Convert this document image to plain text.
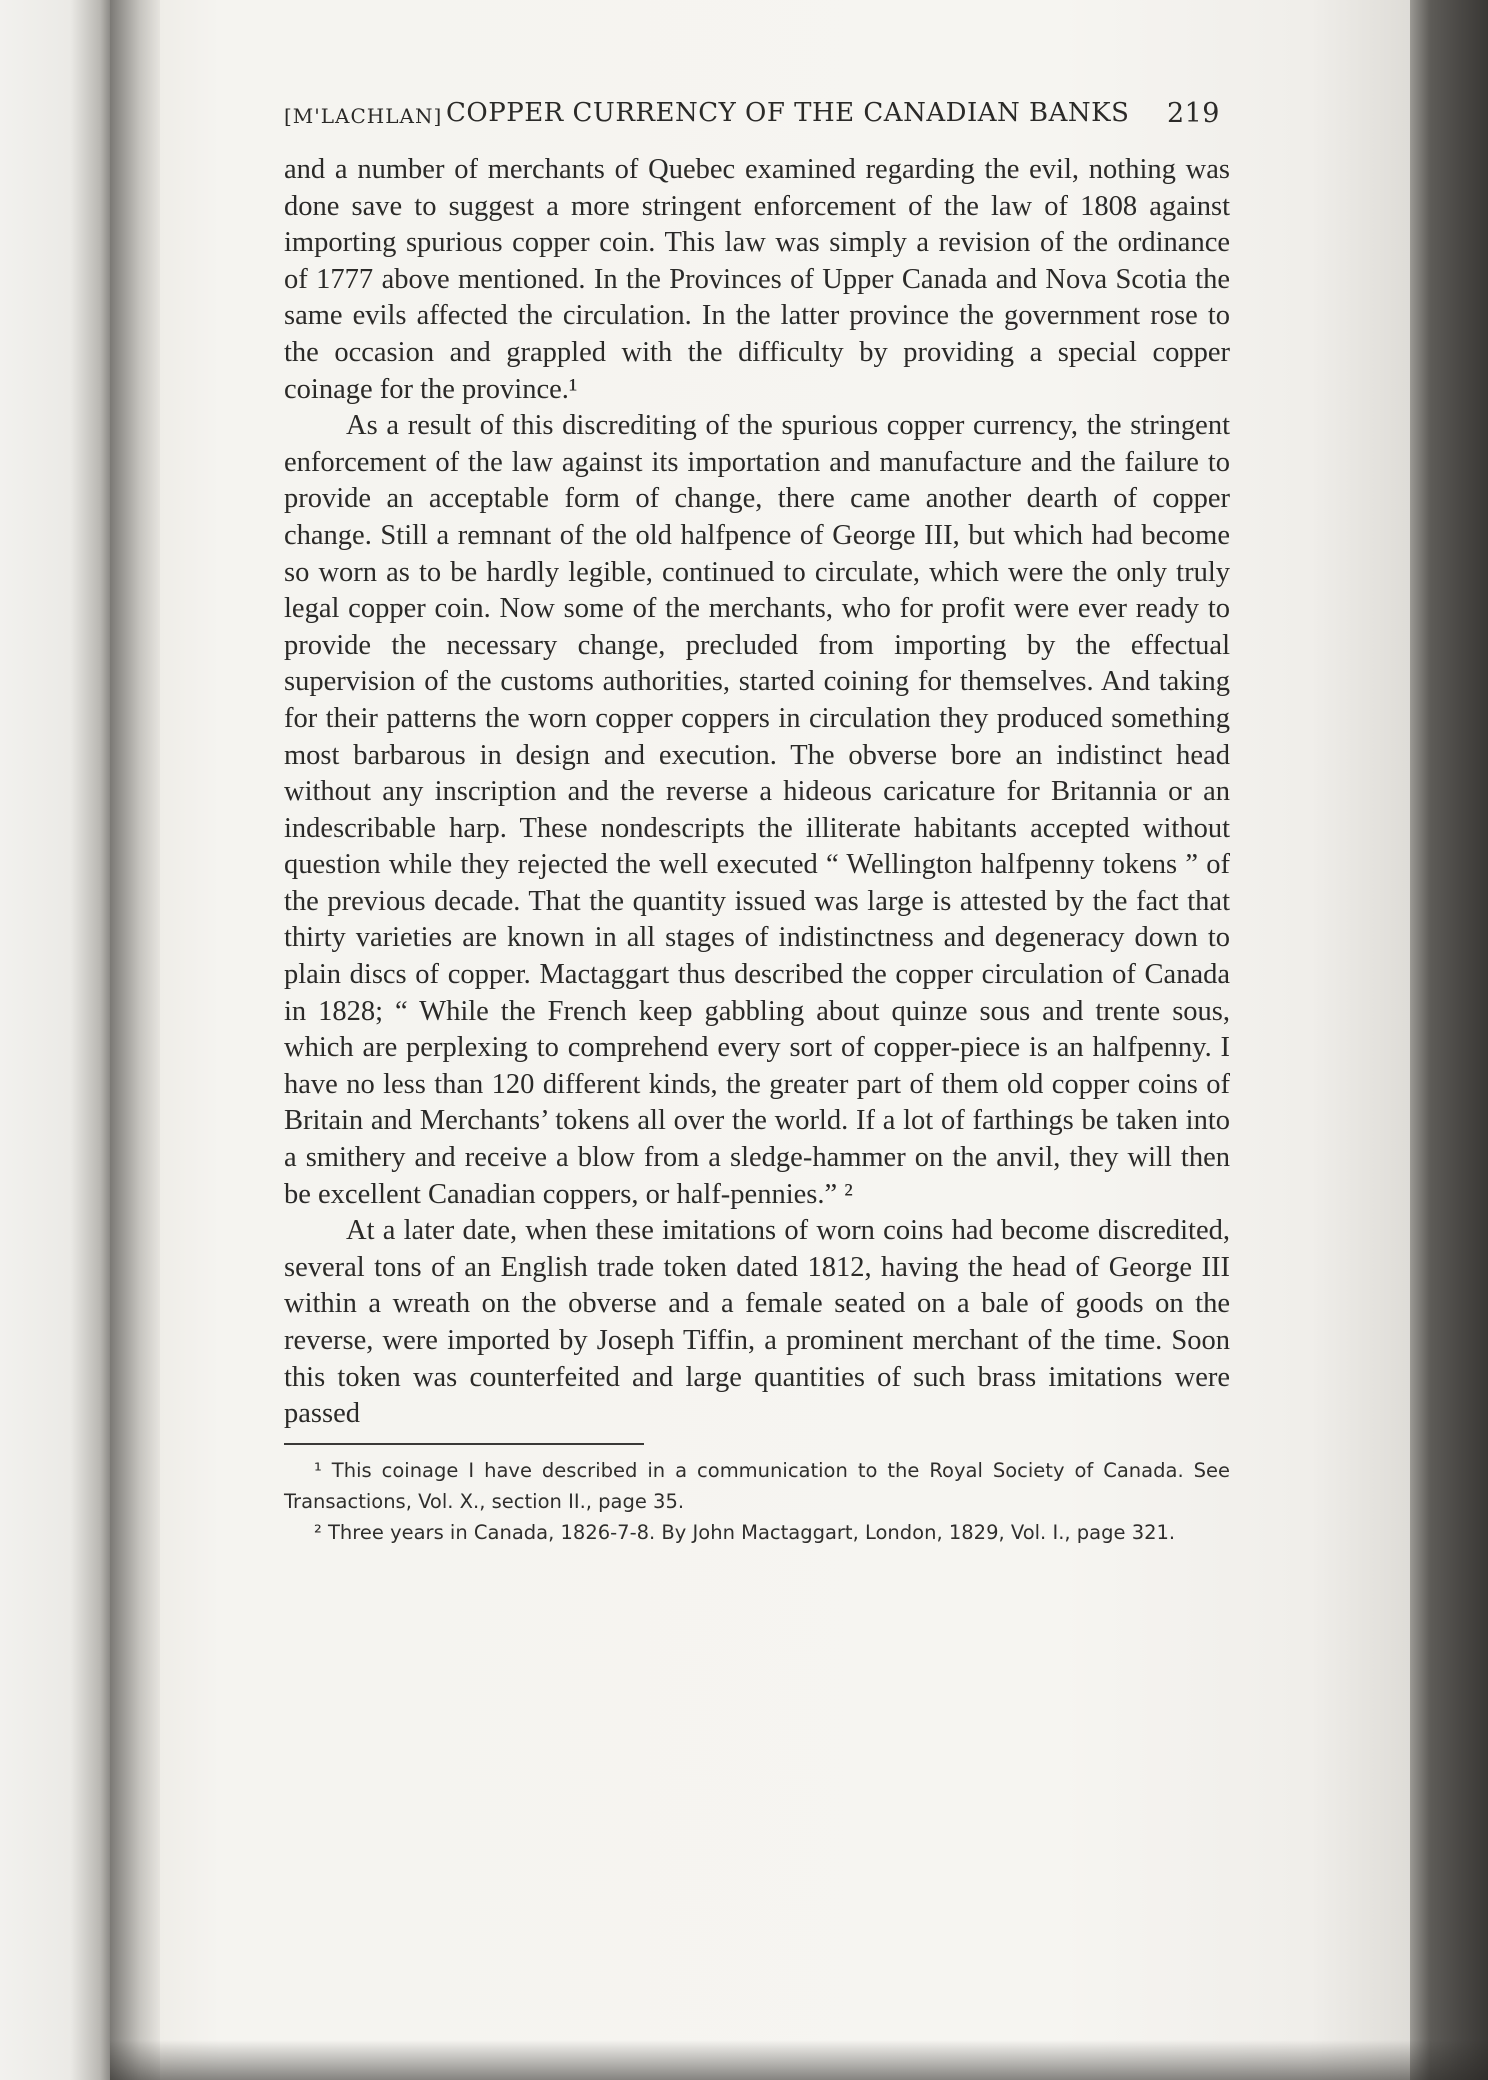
[M'LACHLAN] COPPER CURRENCY OF THE CANADIAN BANKS 219

and a number of merchants of Quebec examined regarding the evil, nothing was done save to suggest a more stringent enforcement of the law of 1808 against importing spurious copper coin. This law was simply a revision of the ordinance of 1777 above mentioned. In the Provinces of Upper Canada and Nova Scotia the same evils affected the circulation. In the latter province the government rose to the occasion and grappled with the difficulty by providing a special copper coinage for the province.¹

As a result of this discrediting of the spurious copper currency, the stringent enforcement of the law against its importation and manufacture and the failure to provide an acceptable form of change, there came another dearth of copper change. Still a remnant of the old halfpence of George III, but which had become so worn as to be hardly legible, continued to circulate, which were the only truly legal copper coin. Now some of the merchants, who for profit were ever ready to provide the necessary change, precluded from importing by the effectual supervision of the customs authorities, started coining for themselves. And taking for their patterns the worn copper coppers in circulation they produced something most barbarous in design and execution. The obverse bore an indistinct head without any inscription and the reverse a hideous caricature for Britannia or an indescribable harp. These nondescripts the illiterate habitants accepted without question while they rejected the well executed “ Wellington halfpenny tokens ” of the previous decade. That the quantity issued was large is attested by the fact that thirty varieties are known in all stages of indistinctness and degeneracy down to plain discs of copper. Mactaggart thus described the copper circulation of Canada in 1828; “ While the French keep gabbling about quinze sous and trente sous, which are perplexing to comprehend every sort of copper-piece is an halfpenny. I have no less than 120 different kinds, the greater part of them old copper coins of Britain and Merchants’ tokens all over the world. If a lot of farthings be taken into a smithery and receive a blow from a sledge-hammer on the anvil, they will then be excellent Canadian coppers, or half-pennies.” ²

At a later date, when these imitations of worn coins had become discredited, several tons of an English trade token dated 1812, having the head of George III within a wreath on the obverse and a female seated on a bale of goods on the reverse, were imported by Joseph Tiffin, a prominent merchant of the time. Soon this token was counterfeited and large quantities of such brass imitations were passed

¹ This coinage I have described in a communication to the Royal Society of Canada. See Transactions, Vol. X., section II., page 35.

² Three years in Canada, 1826-7-8. By John Mactaggart, London, 1829, Vol. I., page 321.
